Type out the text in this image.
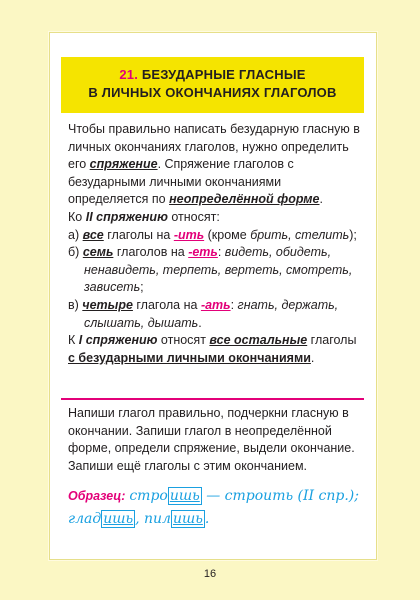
21. БЕЗУДАРНЫЕ ГЛАСНЫЕ
В ЛИЧНЫХ ОКОНЧАНИЯХ ГЛАГОЛОВ

Чтобы правильно написать безударную гласную в личных окончаниях глаголов, нужно определить его спряжение. Спряжение глаголов с безударными личными окончаниями определяется по неопределённой форме.

Ко II спряжению относят:

а) все глаголы на -ить (кроме брить, стелить);

б) семь глаголов на -еть: видеть, обидеть, ненавидеть, терпеть, вертеть, смотреть, зависеть;

в) четыре глагола на -ать: гнать, держать, слышать, дышать.

К I спряжению относят все остальные глаголы с безударными личными окончаниями.

Напиши глагол правильно, подчеркни гласную в окончании. Запиши глагол в неопределённой форме, определи спряжение, выдели окончание. Запиши ещё глаголы с этим окончанием.
Образец: стро ишь — строить (II спр.); глад ишь , пил ишь .
16
